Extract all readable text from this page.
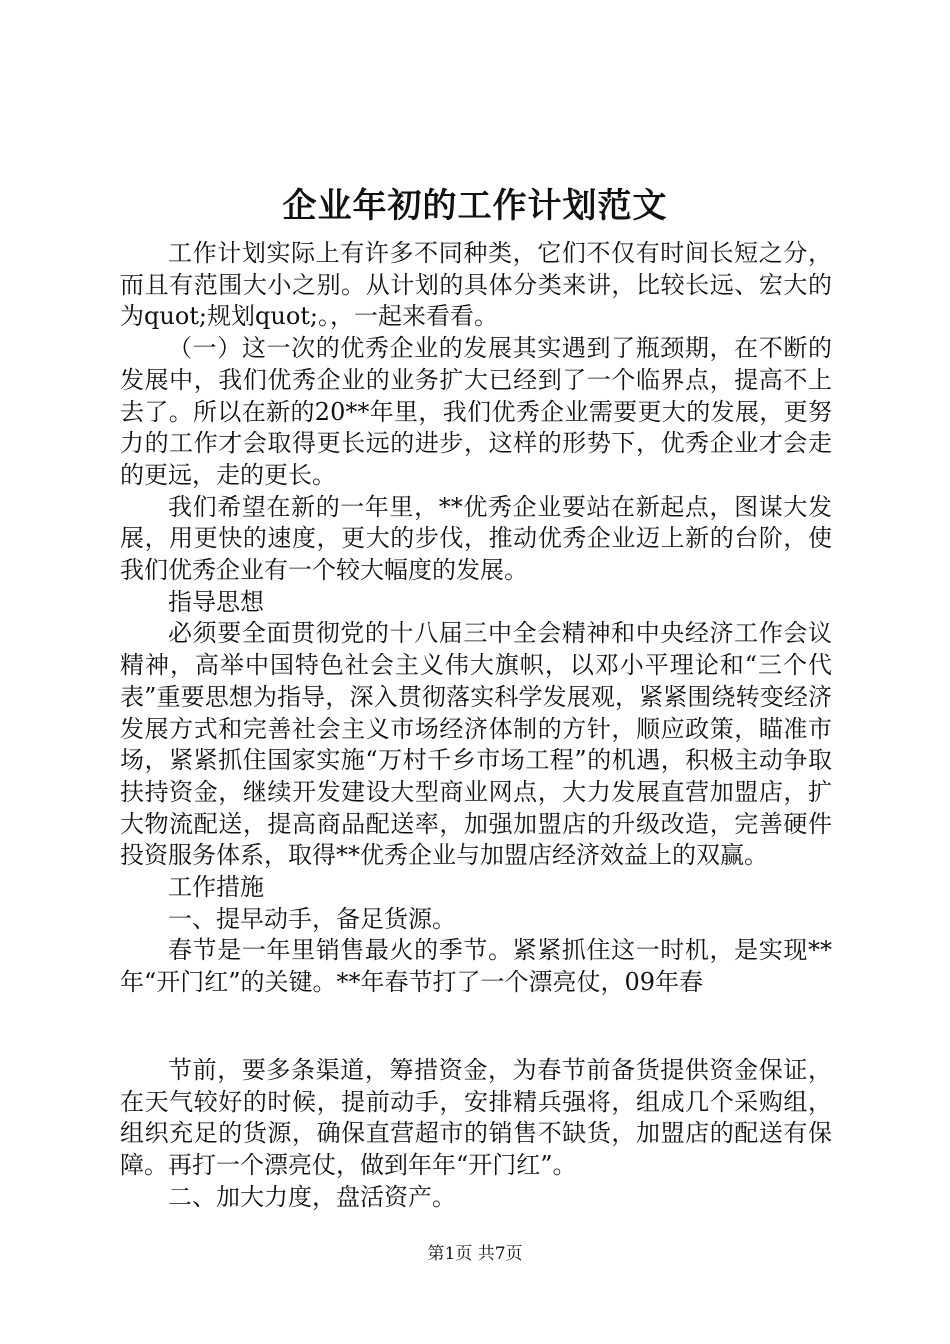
企业年初的工作计划范文

工作计划实际上有许多不同种类，它们不仅有时间长短之分，而且有范围大小之别。从计划的具体分类来讲，比较长远、宏大的为quot;规划quot;。，一起来看看。

（一）这一次的优秀企业的发展其实遇到了瓶颈期，在不断的发展中，我们优秀企业的业务扩大已经到了一个临界点，提高不上去了。所以在新的20**年里，我们优秀企业需要更大的发展，更努力的工作才会取得更长远的进步，这样的形势下，优秀企业才会走的更远，走的更长。

我们希望在新的一年里，**优秀企业要站在新起点，图谋大发展，用更快的速度，更大的步伐，推动优秀企业迈上新的台阶，使我们优秀企业有一个较大幅度的发展。

指导思想

必须要全面贯彻党的十八届三中全会精神和中央经济工作会议精神，高举中国特色社会主义伟大旗帜，以邓小平理论和“三个代表”重要思想为指导，深入贯彻落实科学发展观，紧紧围绕转变经济发展方式和完善社会主义市场经济体制的方针，顺应政策，瞄准市场，紧紧抓住国家实施“万村千乡市场工程”的机遇，积极主动争取扶持资金，继续开发建设大型商业网点，大力发展直营加盟店，扩大物流配送，提高商品配送率，加强加盟店的升级改造，完善硬件投资服务体系，取得**优秀企业与加盟店经济效益上的双赢。

工作措施

一、提早动手，备足货源。

春节是一年里销售最火的季节。紧紧抓住这一时机，是实现**年“开门红”的关键。**年春节打了一个漂亮仗，09年春

节前，要多条渠道，筹措资金，为春节前备货提供资金保证，在天气较好的时候，提前动手，安排精兵强将，组成几个采购组，组织充足的货源，确保直营超市的销售不缺货，加盟店的配送有保障。再打一个漂亮仗，做到年年“开门红”。

二、加大力度，盘活资产。

第1页 共7页
